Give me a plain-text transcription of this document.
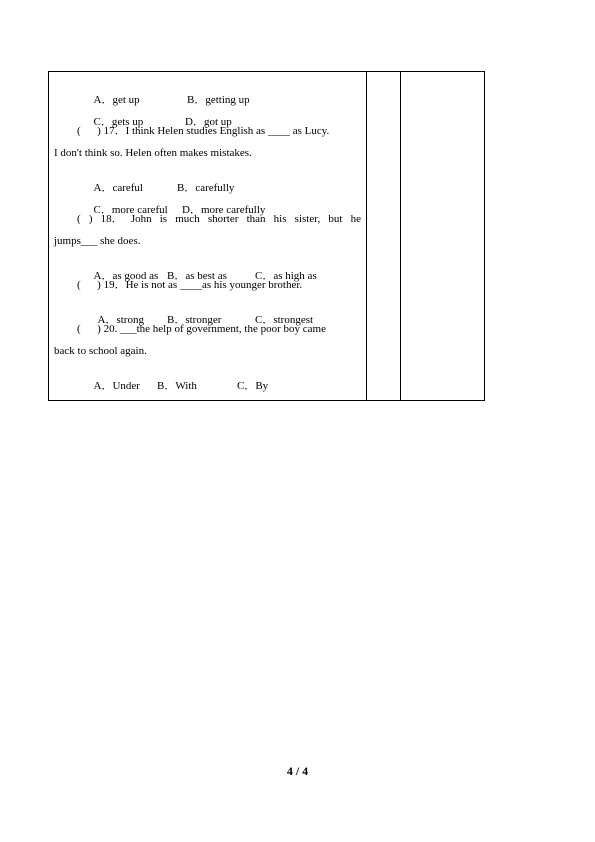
A．get up	B．getting up

C．gets up	D．got up

(      ) 17．I think Helen studies English as ____ as Lucy.
I don't think so. Helen often makes mistakes.

A．careful	B．carefully

C．more careful D．more carefully

( ) 18． John is much shorter than his sister, but he
jumps___ she does.

A．as good as B．as best as	C．as high as

(      ) 19．He is not as ____as his younger brother.

A．strong B．stronger	C．strongest

(      ) 20. ___the help of government, the poor boy came
back to school again.

A．Under B．With	C．By

4 / 4
